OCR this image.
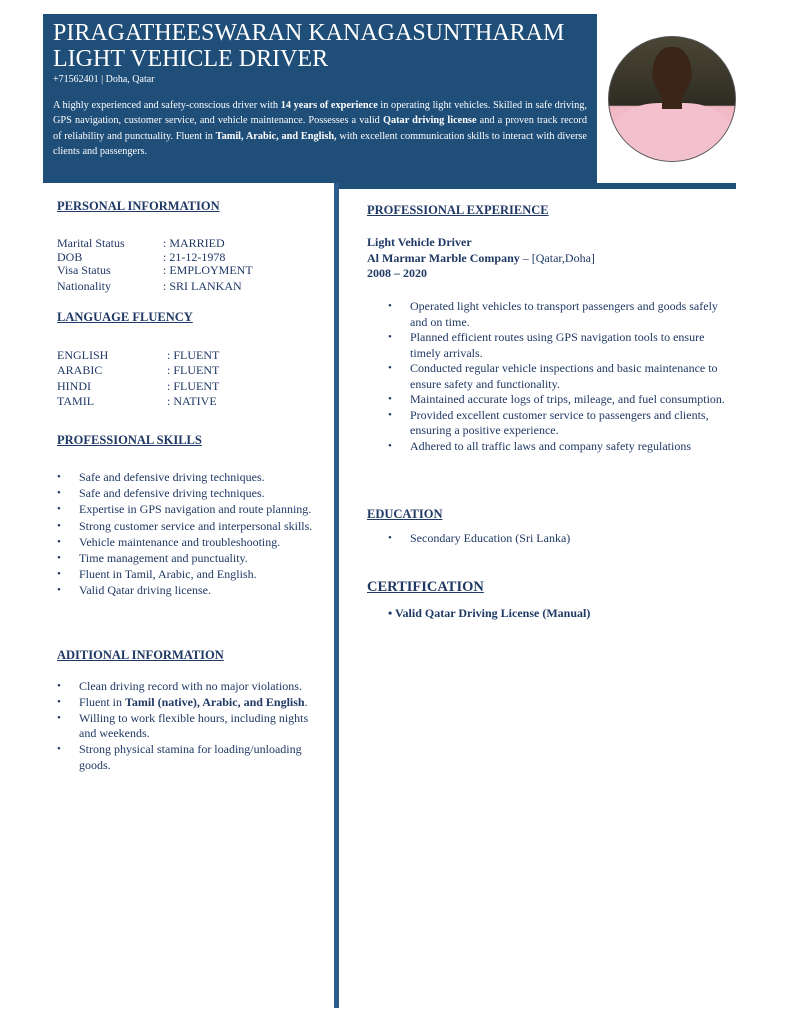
PIRAGATHEESWARAN KANAGASUNTHARAM
LIGHT VEHICLE DRIVER
+71562401 | Doha, Qatar
A highly experienced and safety-conscious driver with 14 years of experience in operating light vehicles. Skilled in safe driving, GPS navigation, customer service, and vehicle maintenance. Possesses a valid Qatar driving license and a proven track record of reliability and punctuality. Fluent in Tamil, Arabic, and English, with excellent communication skills to interact with diverse clients and passengers.
PERSONAL INFORMATION
Marital Status	: MARRIED
DOB	: 21-12-1978
Visa Status	: EMPLOYMENT
Nationality	: SRI LANKAN
LANGUAGE FLUENCY
ENGLISH	: FLUENT
ARABIC	: FLUENT
HINDI	: FLUENT
TAMIL	: NATIVE
PROFESSIONAL SKILLS
• Safe and defensive driving techniques.
• Safe and defensive driving techniques.
• Expertise in GPS navigation and route planning.
• Strong customer service and interpersonal skills.
• Vehicle maintenance and troubleshooting.
• Time management and punctuality.
• Fluent in Tamil, Arabic, and English.
• Valid Qatar driving license.
ADITIONAL INFORMATION
• Clean driving record with no major violations.
• Fluent in Tamil (native), Arabic, and English.
• Willing to work flexible hours, including nights and weekends.
• Strong physical stamina for loading/unloading goods.
PROFESSIONAL EXPERIENCE
Light Vehicle Driver
Al Marmar Marble Company – [Qatar,Doha]
2008 – 2020
• Operated light vehicles to transport passengers and goods safely and on time.
• Planned efficient routes using GPS navigation tools to ensure timely arrivals.
• Conducted regular vehicle inspections and basic maintenance to ensure safety and functionality.
• Maintained accurate logs of trips, mileage, and fuel consumption.
• Provided excellent customer service to passengers and clients, ensuring a positive experience.
• Adhered to all traffic laws and company safety regulations
EDUCATION
• Secondary Education (Sri Lanka)
CERTIFICATION
• Valid Qatar Driving License (Manual)
